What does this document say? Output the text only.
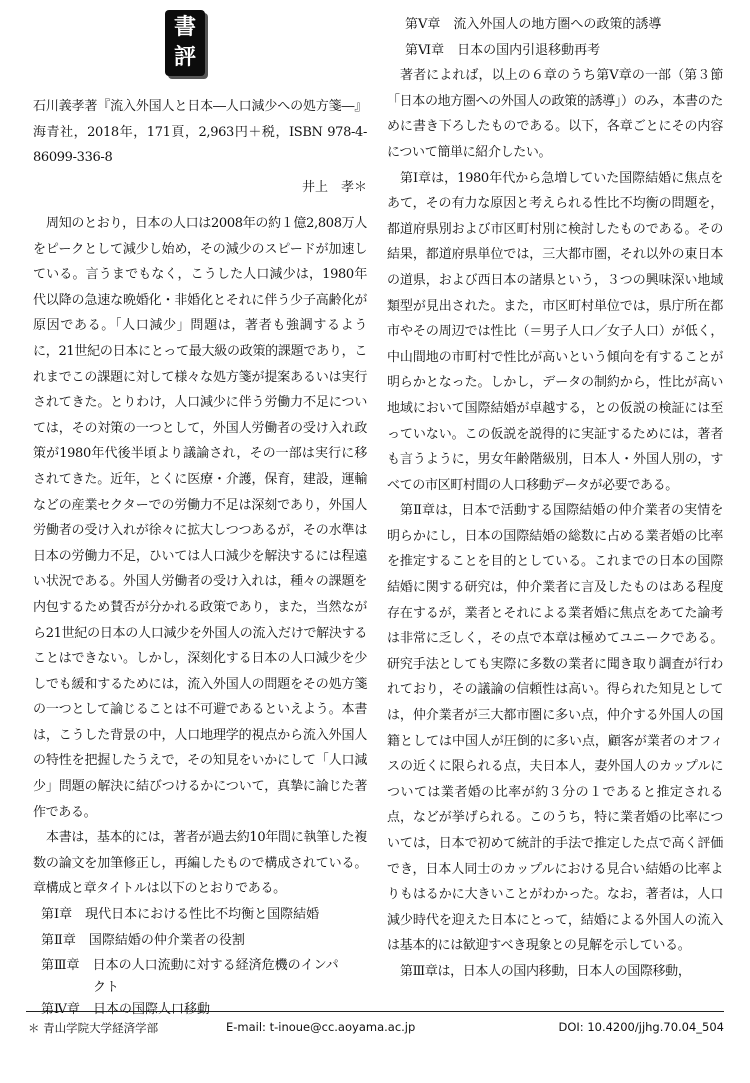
書
評

石川義孝著『流入外国人と日本―人口減少への処方箋―』海青社，2018年，171頁，2,963円＋税，ISBN 978-4-86099-336-8

井上　孝＊

周知のとおり，日本の人口は2008年の約１億2,808万人をピークとして減少し始め，その減少のスピードが加速している。言うまでもなく，こうした人口減少は，1980年代以降の急速な晩婚化・非婚化とそれに伴う少子高齢化が原因である。「人口減少」問題は，著者も強調するように，21世紀の日本にとって最大級の政策的課題であり，これまでこの課題に対して様々な処方箋が提案あるいは実行されてきた。とりわけ，人口減少に伴う労働力不足については，その対策の一つとして，外国人労働者の受け入れ政策が1980年代後半頃より議論され，その一部は実行に移されてきた。近年，とくに医療・介護，保育，建設，運輸などの産業セクターでの労働力不足は深刻であり，外国人労働者の受け入れが徐々に拡大しつつあるが，その水準は日本の労働力不足，ひいては人口減少を解決するには程遠い状況である。外国人労働者の受け入れは，種々の課題を内包するため賛否が分かれる政策であり，また，当然ながら21世紀の日本の人口減少を外国人の流入だけで解決することはできない。しかし，深刻化する日本の人口減少を少しでも緩和するためには，流入外国人の問題をその処方箋の一つとして論じることは不可避であるといえよう。本書は，こうした背景の中，人口地理学的視点から流入外国人の特性を把握したうえで，その知見をいかにして「人口減少」問題の解決に結びつけるかについて，真摯に論じた著作である。

本書は，基本的には，著者が過去約10年間に執筆した複数の論文を加筆修正し，再編したもので構成されている。章構成と章タイトルは以下のとおりである。

第Ⅰ章　 現代日本における性比不均衡と国際結婚

第Ⅱ章　 国際結婚の仲介業者の役割

第Ⅲ章　 日本の人口流動に対する経済危機のインパ
クト

第Ⅳ章　 日本の国際人口移動

第Ⅴ章　 流入外国人の地方圏への政策的誘導

第Ⅵ章　 日本の国内引退移動再考

著者によれば，以上の６章のうち第Ⅴ章の一部（第３節「日本の地方圏への外国人の政策的誘導」）のみ，本書のために書き下ろしたものである。以下，各章ごとにその内容について簡単に紹介したい。

第Ⅰ章は，1980年代から急増していた国際結婚に焦点をあて，その有力な原因と考えられる性比不均衡の問題を，都道府県別および市区町村別に検討したものである。その結果，都道府県単位では，三大都市圏，それ以外の東日本の道県，および西日本の諸県という，３つの興味深い地域類型が見出された。また，市区町村単位では，県庁所在都市やその周辺では性比（＝男子人口／女子人口）が低く，中山間地の市町村で性比が高いという傾向を有することが明らかとなった。しかし，データの制約から，性比が高い地域において国際結婚が卓越する，との仮説の検証には至っていない。この仮説を説得的に実証するためには，著者も言うように，男女年齢階級別，日本人・外国人別の，すべての市区町村間の人口移動データが必要である。

第Ⅱ章は，日本で活動する国際結婚の仲介業者の実情を明らかにし，日本の国際結婚の総数に占める業者婚の比率を推定することを目的としている。これまでの日本の国際結婚に関する研究は，仲介業者に言及したものはある程度存在するが，業者とそれによる業者婚に焦点をあてた論考は非常に乏しく，その点で本章は極めてユニークである。研究手法としても実際に多数の業者に聞き取り調査が行われており，その議論の信頼性は高い。得られた知見としては，仲介業者が三大都市圏に多い点，仲介する外国人の国籍としては中国人が圧倒的に多い点，顧客が業者のオフィスの近くに限られる点，夫日本人，妻外国人のカップルについては業者婚の比率が約３分の１であると推定される点，などが挙げられる。このうち，特に業者婚の比率については，日本で初めて統計的手法で推定した点で高く評価でき，日本人同士のカップルにおける見合い結婚の比率よりもはるかに大きいことがわかった。なお，著者は，人口減少時代を迎えた日本にとって，結婚による外国人の流入は基本的には歓迎すべき現象との見解を示している。

第Ⅲ章は，日本人の国内移動，日本人の国際移動，

＊ 青山学院大学経済学部	E-mail: t-inoue@cc.aoyama.ac.jp	DOI: 10.4200/jjhg.70.04_504
